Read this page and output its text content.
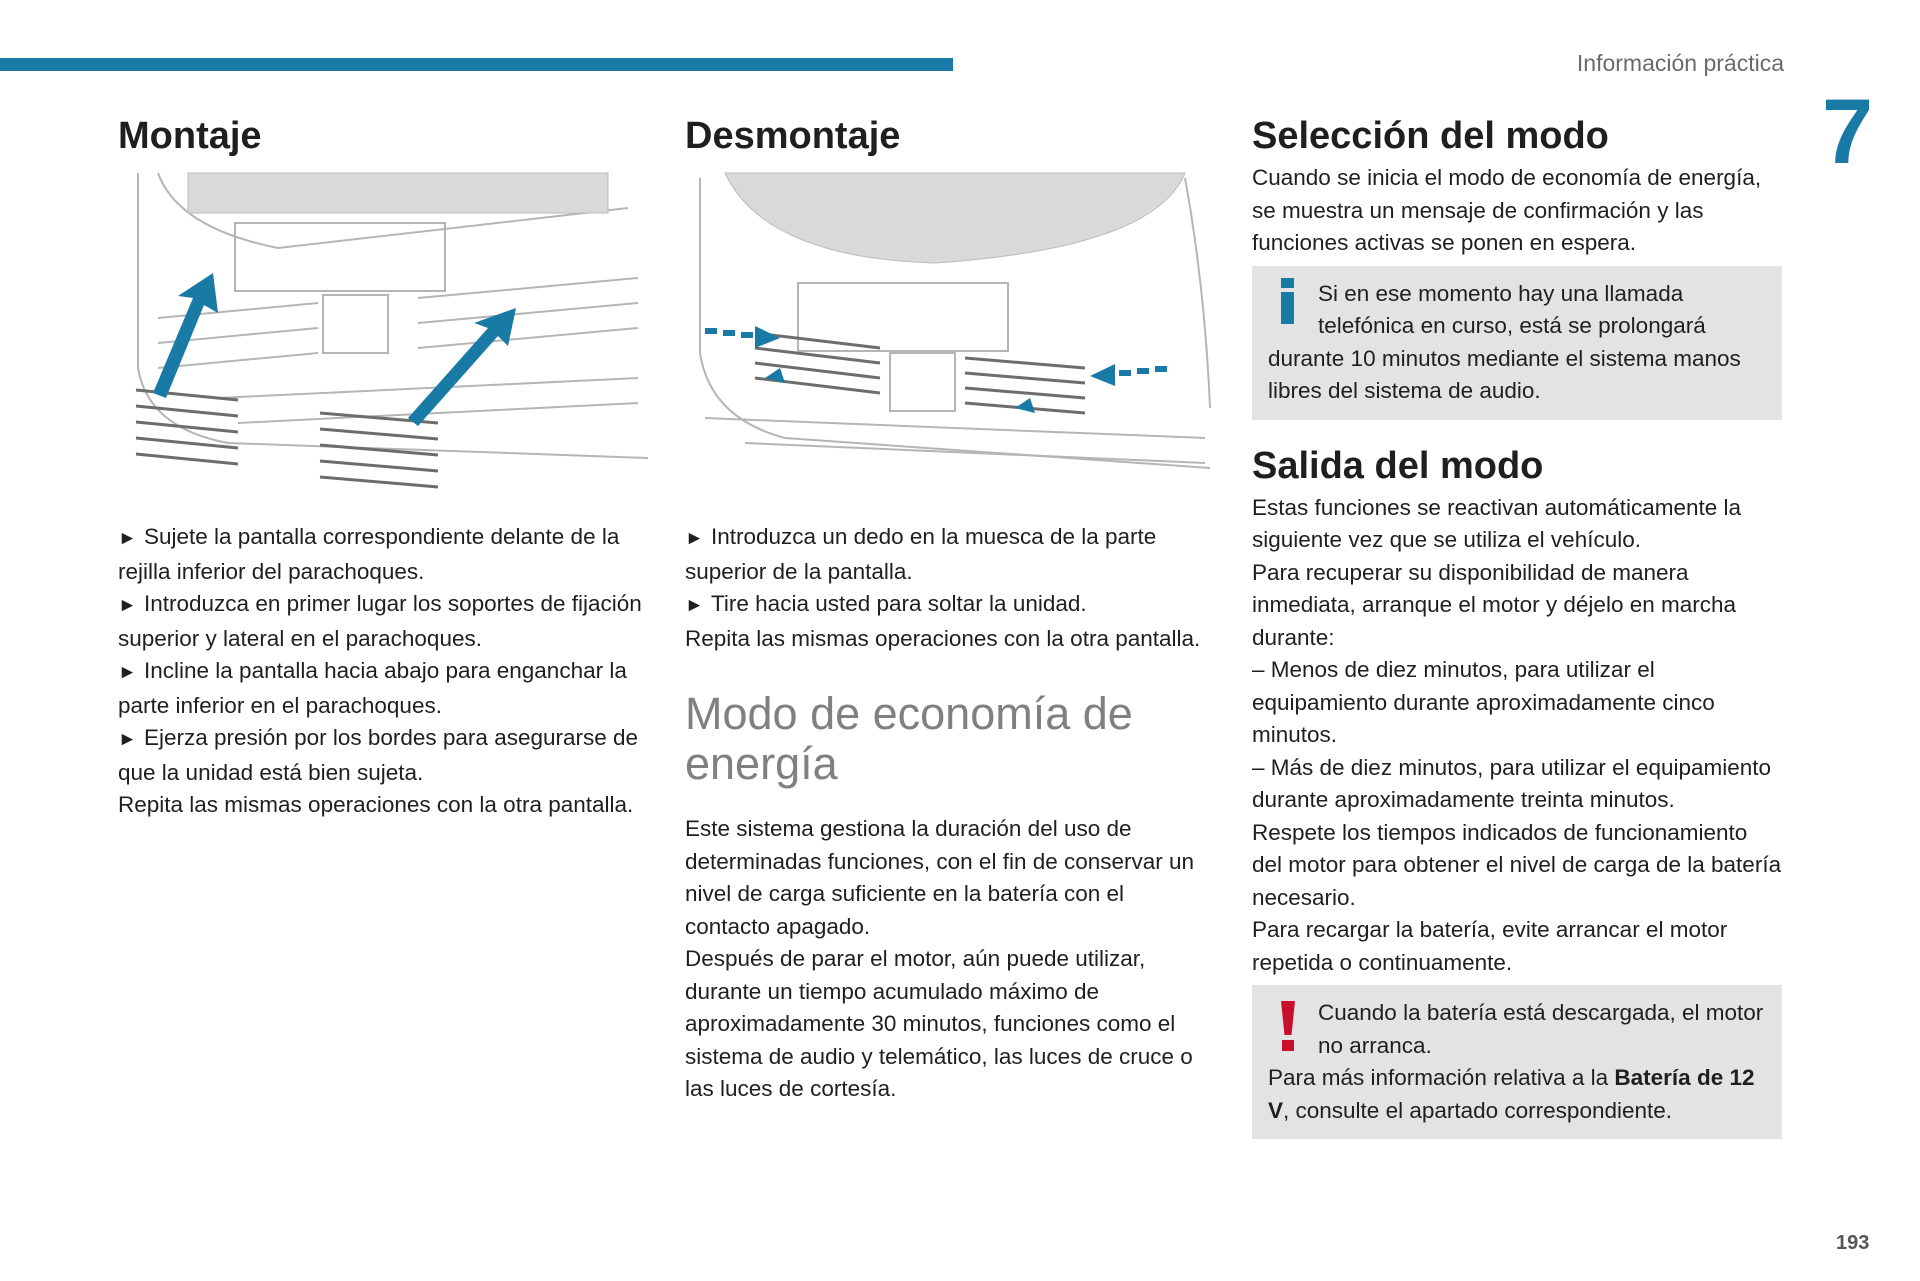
Información práctica
7
193
Montaje
► Sujete la pantalla correspondiente delante de la rejilla inferior del parachoques.
► Introduzca en primer lugar los soportes de fijación superior y lateral en el parachoques.
► Incline la pantalla hacia abajo para enganchar la parte inferior en el parachoques.
► Ejerza presión por los bordes para asegurarse de que la unidad está bien sujeta.
Repita las mismas operaciones con la otra pantalla.
Desmontaje
► Introduzca un dedo en la muesca de la parte superior de la pantalla.
► Tire hacia usted para soltar la unidad.
Repita las mismas operaciones con la otra pantalla.
Modo de economía de energía
Este sistema gestiona la duración del uso de determinadas funciones, con el fin de conservar un nivel de carga suficiente en la batería con el contacto apagado.
Después de parar el motor, aún puede utilizar, durante un tiempo acumulado máximo de aproximadamente 30 minutos, funciones como el sistema de audio y telemático, las luces de cruce o las luces de cortesía.
Selección del modo
Cuando se inicia el modo de economía de energía, se muestra un mensaje de confirmación y las funciones activas se ponen en espera.
Si en ese momento hay una llamada telefónica en curso, está se prolongará durante 10 minutos mediante el sistema manos libres del sistema de audio.
Salida del modo
Estas funciones se reactivan automáticamente la siguiente vez que se utiliza el vehículo.
Para recuperar su disponibilidad de manera inmediata, arranque el motor y déjelo en marcha durante:
– Menos de diez minutos, para utilizar el equipamiento durante aproximadamente cinco minutos.
– Más de diez minutos, para utilizar el equipamiento durante aproximadamente treinta minutos.
Respete los tiempos indicados de funcionamiento del motor para obtener el nivel de carga de la batería necesario.
Para recargar la batería, evite arrancar el motor repetida o continuamente.
Cuando la batería está descargada, el motor no arranca.
Para más información relativa a la Batería de 12 V, consulte el apartado correspondiente.
